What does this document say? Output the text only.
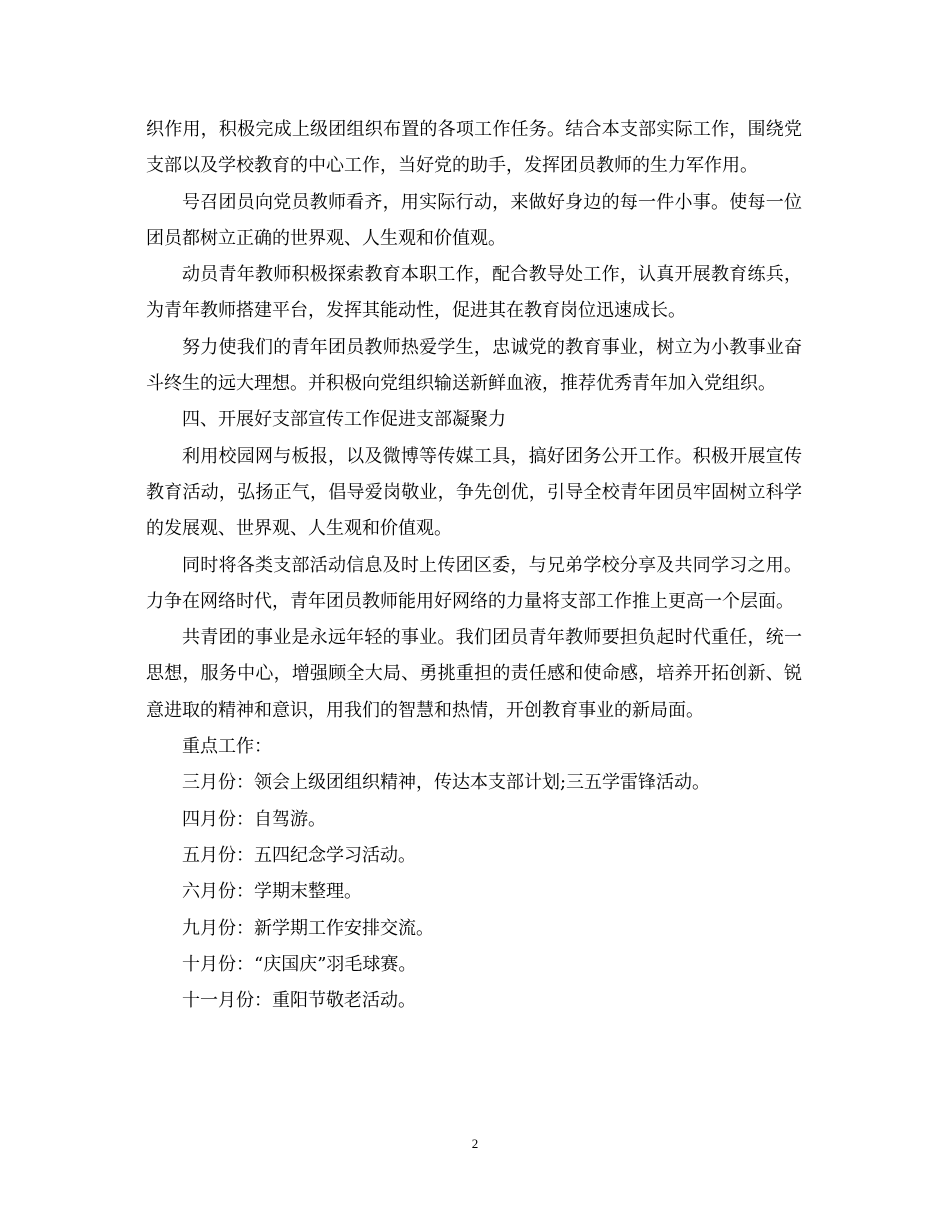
织作用，积极完成上级团组织布置的各项工作任务。结合本支部实际工作，围绕党支部以及学校教育的中心工作，当好党的助手，发挥团员教师的生力军作用。

号召团员向党员教师看齐，用实际行动，来做好身边的每一件小事。使每一位团员都树立正确的世界观、人生观和价值观。

动员青年教师积极探索教育本职工作，配合教导处工作，认真开展教育练兵，为青年教师搭建平台，发挥其能动性，促进其在教育岗位迅速成长。

努力使我们的青年团员教师热爱学生，忠诚党的教育事业，树立为小教事业奋斗终生的远大理想。并积极向党组织输送新鲜血液，推荐优秀青年加入党组织。

四、开展好支部宣传工作促进支部凝聚力

利用校园网与板报，以及微博等传媒工具，搞好团务公开工作。积极开展宣传教育活动，弘扬正气，倡导爱岗敬业，争先创优，引导全校青年团员牢固树立科学的发展观、世界观、人生观和价值观。

同时将各类支部活动信息及时上传团区委，与兄弟学校分享及共同学习之用。力争在网络时代，青年团员教师能用好网络的力量将支部工作推上更高一个层面。

共青团的事业是永远年轻的事业。我们团员青年教师要担负起时代重任，统一思想，服务中心，增强顾全大局、勇挑重担的责任感和使命感，培养开拓创新、锐意进取的精神和意识，用我们的智慧和热情，开创教育事业的新局面。

重点工作：

三月份：领会上级团组织精神，传达本支部计划;三五学雷锋活动。

四月份：自驾游。

五月份：五四纪念学习活动。

六月份：学期末整理。

九月份：新学期工作安排交流。

十月份：“庆国庆”羽毛球赛。

十一月份：重阳节敬老活动。

2
